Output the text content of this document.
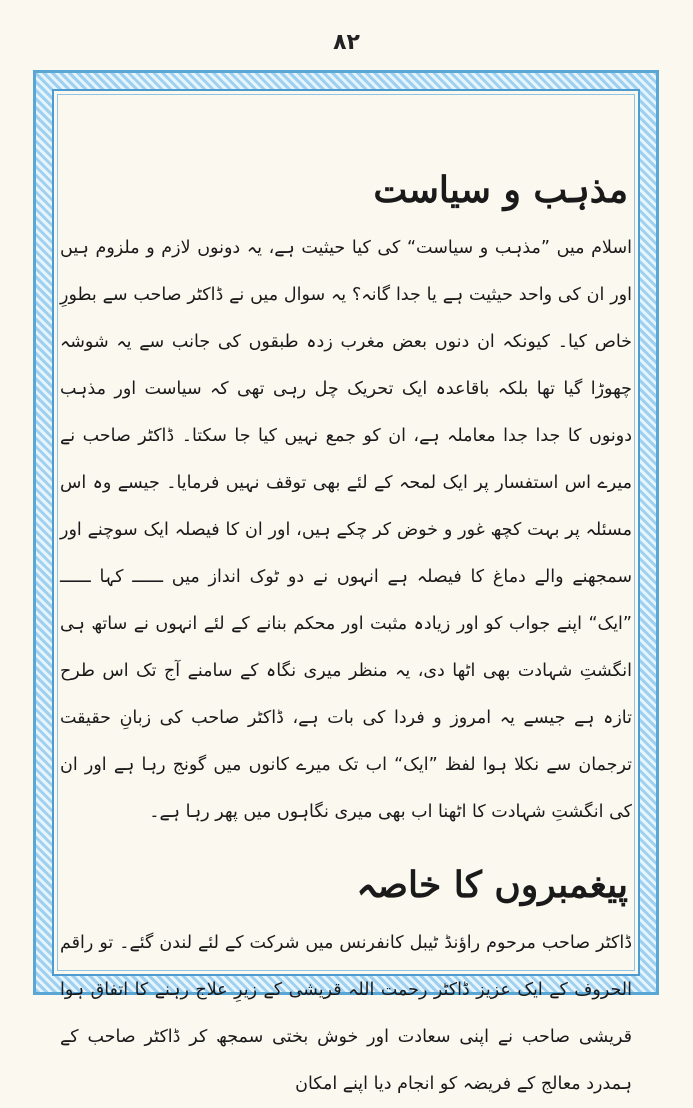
۸۲
مذہب و سیاست

اسلام میں ”مذہب و سیاست“ کی کیا حیثیت ہے، یہ دونوں لازم و ملزوم ہیں اور ان کی واحد حیثیت ہے یا جدا گانہ؟ یہ سوال میں نے ڈاکٹر صاحب سے بطورِ خاص کیا۔ کیونکہ ان دنوں بعض مغرب زدہ طبقوں کی جانب سے یہ شوشہ چھوڑا گیا تھا بلکہ باقاعدہ ایک تحریک چل رہی تھی کہ سیاست اور مذہب دونوں کا جدا جدا معاملہ ہے، ان کو جمع نہیں کیا جا سکتا۔ ڈاکٹر صاحب نے میرے اس استفسار پر ایک لمحہ کے لئے بھی توقف نہیں فرمایا۔ جیسے وہ اس مسئلہ پر بہت کچھ غور و خوض کر چکے ہیں، اور ان کا فیصلہ ایک سوچنے اور سمجھنے والے دماغ کا فیصلہ ہے انہوں نے دو ٹوک انداز میں ــــــ کہا ــــــ ”ایک“ اپنے جواب کو اور زیادہ مثبت اور محکم بنانے کے لئے انہوں نے ساتھ ہی انگشتِ شہادت بھی اٹھا دی، یہ منظر میری نگاہ کے سامنے آج تک اس طرح تازہ ہے جیسے یہ امروز و فردا کی بات ہے، ڈاکٹر صاحب کی زبانِ حقیقت ترجمان سے نکلا ہوا لفظ ”ایک“ اب تک میرے کانوں میں گونج رہا ہے اور ان کی انگشتِ شہادت کا اٹھنا اب بھی میری نگاہوں میں پھر رہا ہے۔

پیغمبروں کا خاصہ

ڈاکٹر صاحب مرحوم راؤنڈ ٹیبل کانفرنس میں شرکت کے لئے لندن گئے۔ تو راقم الحروف کے ایک عزیز ڈاکٹر رحمت اللہ قریشی کے زیرِ علاج رہنے کا اتفاق ہوا قریشی صاحب نے اپنی سعادت اور خوش بختی سمجھ کر ڈاکٹر صاحب کے ہمدرد معالج کے فریضہ کو انجام دیا اپنے امکان
